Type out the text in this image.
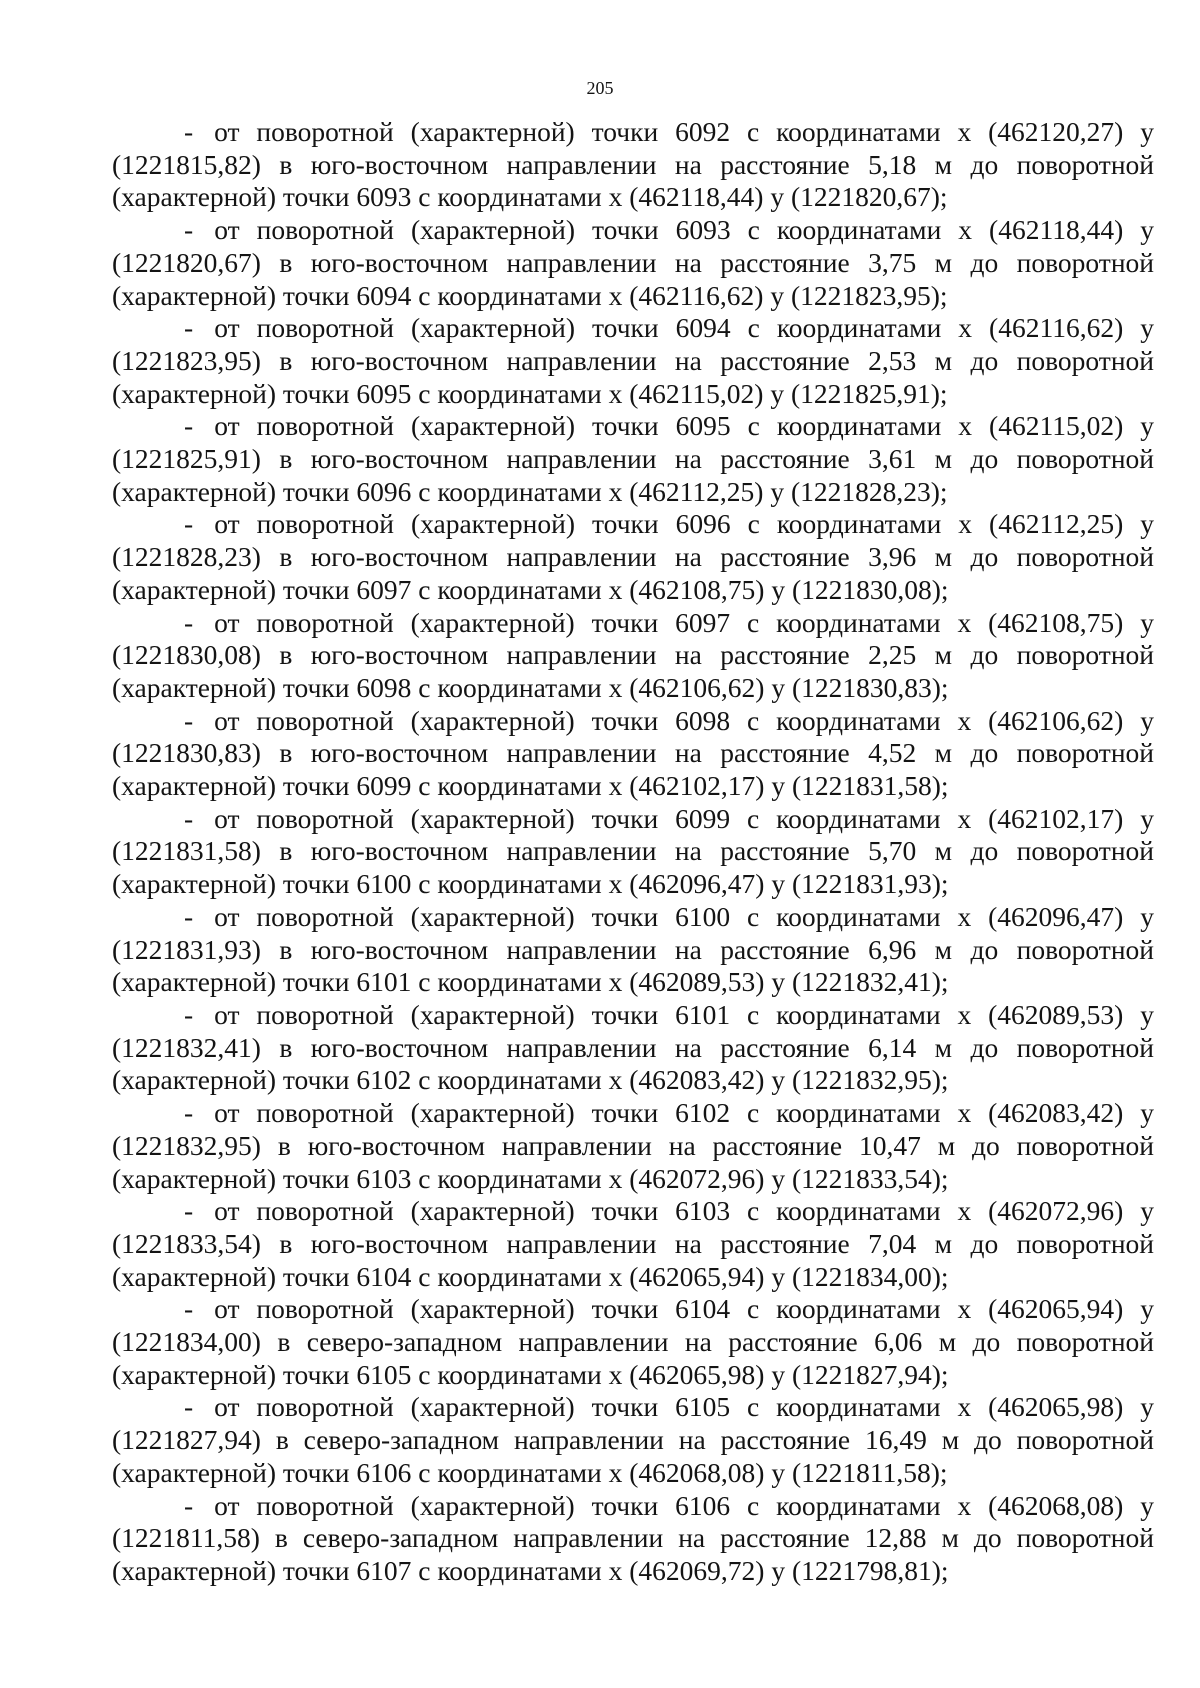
205

- от поворотной (характерной) точки 6092 с координатами x (462120,27) y (1221815,82) в юго-восточном направлении на расстояние 5,18 м до поворотной (характерной) точки 6093 с координатами x (462118,44) y (1221820,67);

- от поворотной (характерной) точки 6093 с координатами x (462118,44) y (1221820,67) в юго-восточном направлении на расстояние 3,75 м до поворотной (характерной) точки 6094 с координатами x (462116,62) y (1221823,95);

- от поворотной (характерной) точки 6094 с координатами x (462116,62) y (1221823,95) в юго-восточном направлении на расстояние 2,53 м до поворотной (характерной) точки 6095 с координатами x (462115,02) y (1221825,91);

- от поворотной (характерной) точки 6095 с координатами x (462115,02) y (1221825,91) в юго-восточном направлении на расстояние 3,61 м до поворотной (характерной) точки 6096 с координатами x (462112,25) y (1221828,23);

- от поворотной (характерной) точки 6096 с координатами x (462112,25) y (1221828,23) в юго-восточном направлении на расстояние 3,96 м до поворотной (характерной) точки 6097 с координатами x (462108,75) y (1221830,08);

- от поворотной (характерной) точки 6097 с координатами x (462108,75) y (1221830,08) в юго-восточном направлении на расстояние 2,25 м до поворотной (характерной) точки 6098 с координатами x (462106,62) y (1221830,83);

- от поворотной (характерной) точки 6098 с координатами x (462106,62) y (1221830,83) в юго-восточном направлении на расстояние 4,52 м до поворотной (характерной) точки 6099 с координатами x (462102,17) y (1221831,58);

- от поворотной (характерной) точки 6099 с координатами x (462102,17) y (1221831,58) в юго-восточном направлении на расстояние 5,70 м до поворотной (характерной) точки 6100 с координатами x (462096,47) y (1221831,93);

- от поворотной (характерной) точки 6100 с координатами x (462096,47) y (1221831,93) в юго-восточном направлении на расстояние 6,96 м до поворотной (характерной) точки 6101 с координатами x (462089,53) y (1221832,41);

- от поворотной (характерной) точки 6101 с координатами x (462089,53) y (1221832,41) в юго-восточном направлении на расстояние 6,14 м до поворотной (характерной) точки 6102 с координатами x (462083,42) y (1221832,95);

- от поворотной (характерной) точки 6102 с координатами x (462083,42) y (1221832,95) в юго-восточном направлении на расстояние 10,47 м до поворотной (характерной) точки 6103 с координатами x (462072,96) y (1221833,54);

- от поворотной (характерной) точки 6103 с координатами x (462072,96) y (1221833,54) в юго-восточном направлении на расстояние 7,04 м до поворотной (характерной) точки 6104 с координатами x (462065,94) y (1221834,00);

- от поворотной (характерной) точки 6104 с координатами x (462065,94) y (1221834,00) в северо-западном направлении на расстояние 6,06 м до поворотной (характерной) точки 6105 с координатами x (462065,98) y (1221827,94);

- от поворотной (характерной) точки 6105 с координатами x (462065,98) y (1221827,94) в северо-западном направлении на расстояние 16,49 м до поворотной (характерной) точки 6106 с координатами x (462068,08) y (1221811,58);

- от поворотной (характерной) точки 6106 с координатами x (462068,08) y (1221811,58) в северо-западном направлении на расстояние 12,88 м до поворотной (характерной) точки 6107 с координатами x (462069,72) y (1221798,81);
